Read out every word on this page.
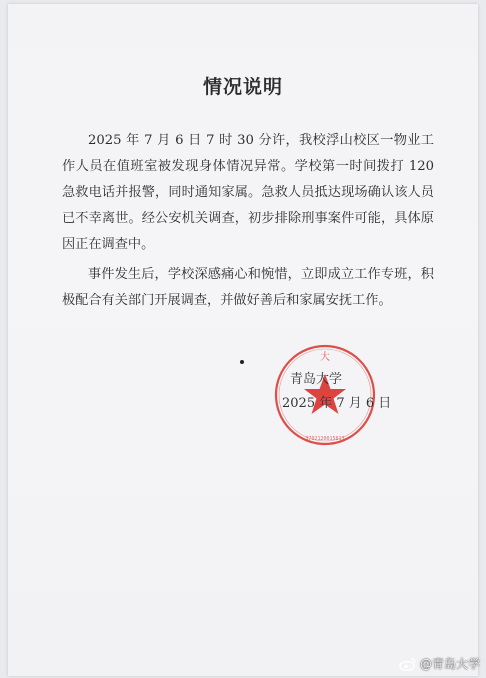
情况说明
2025 年 7 月 6 日 7 时 30 分许，我校浮山校区一物业工作人员在值班室被发现身体情况异常。学校第一时间拨打 120 急救电话并报警，同时通知家属。急救人员抵达现场确认该人员已不幸离世。经公安机关调查，初步排除刑事案件可能，具体原因正在调查中。
事件发生后，学校深感痛心和惋惜，立即成立工作专班，积极配合有关部门开展调查，并做好善后和家属安抚工作。
大
3702120015813
青岛大学
2025 年 7 月 6 日
@青岛大学
